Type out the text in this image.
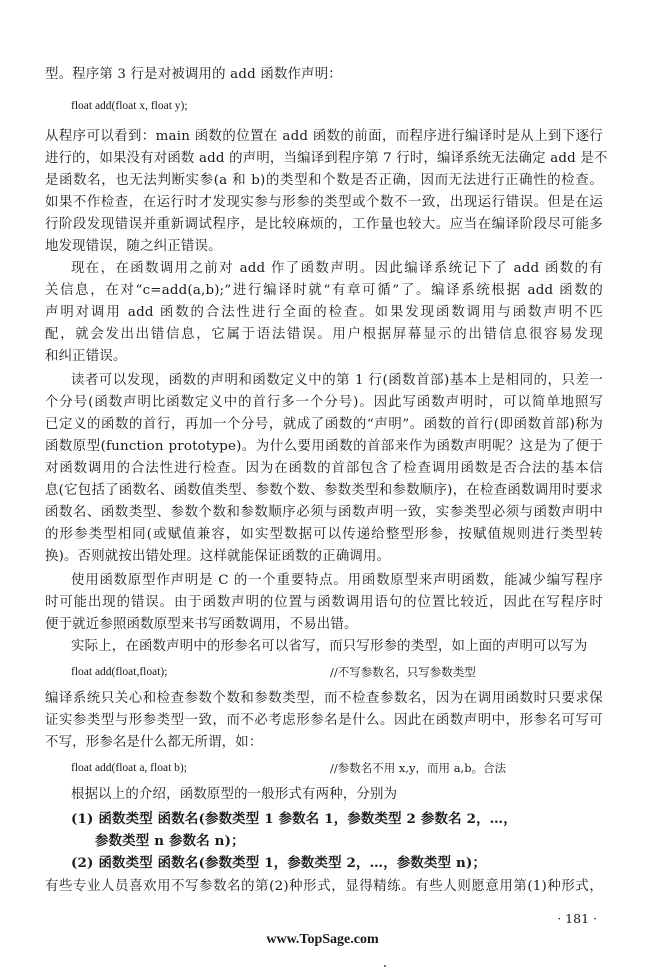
· 181 ·
www.TopSage.com
型。程序第 3 行是对被调用的 add 函数作声明：
float add(float x, float y);
从程序可以看到：main 函数的位置在 add 函数的前面，而程序进行编译时是从上到下逐行
进行的，如果没有对函数 add 的声明，当编译到程序第 7 行时，编译系统无法确定 add 是不
是函数名，也无法判断实参(a 和 b)的类型和个数是否正确，因而无法进行正确性的检查。
如果不作检查，在运行时才发现实参与形参的类型或个数不一致，出现运行错误。但是在运
行阶段发现错误并重新调试程序，是比较麻烦的，工作量也较大。应当在编译阶段尽可能多
地发现错误，随之纠正错误。
现在，在函数调用之前对 add 作了函数声明。因此编译系统记下了 add 函数的有
关信息，在对“c=add(a,b);”进行编译时就“有章可循”了。编译系统根据 add 函数的
声明对调用 add 函数的合法性进行全面的检查。如果发现函数调用与函数声明不匹
配，就会发出出错信息，它属于语法错误。用户根据屏幕显示的出错信息很容易发现
和纠正错误。
读者可以发现，函数的声明和函数定义中的第 1 行(函数首部)基本上是相同的，只差一
个分号(函数声明比函数定义中的首行多一个分号)。因此写函数声明时，可以简单地照写
已定义的函数的首行，再加一个分号，就成了函数的“声明”。函数的首行(即函数首部)称为
函数原型(function prototype)。为什么要用函数的首部来作为函数声明呢？这是为了便于
对函数调用的合法性进行检查。因为在函数的首部包含了检查调用函数是否合法的基本信
息(它包括了函数名、函数值类型、参数个数、参数类型和参数顺序)，在检查函数调用时要求
函数名、函数类型、参数个数和参数顺序必须与函数声明一致，实参类型必须与函数声明中
的形参类型相同(或赋值兼容，如实型数据可以传递给整型形参，按赋值规则进行类型转
换)。否则就按出错处理。这样就能保证函数的正确调用。
使用函数原型作声明是 C 的一个重要特点。用函数原型来声明函数，能减少编写程序
时可能出现的错误。由于函数声明的位置与函数调用语句的位置比较近，因此在写程序时
便于就近参照函数原型来书写函数调用，不易出错。
实际上，在函数声明中的形参名可以省写，而只写形参的类型，如上面的声明可以写为
float add(float,float);	//不写参数名，只写参数类型
编译系统只关心和检查参数个数和参数类型，而不检查参数名，因为在调用函数时只要求保
证实参类型与形参类型一致，而不必考虑形参名是什么。因此在函数声明中，形参名可写可
不写，形参名是什么都无所谓，如：
float add(float a, float b);	//参数名不用 x,y，而用 a,b。合法
根据以上的介绍，函数原型的一般形式有两种，分别为
(1) 函数类型 函数名(参数类型 1 参数名 1，参数类型 2 参数名 2，…，
参数类型 n 参数名 n)；
(2) 函数类型 函数名(参数类型 1，参数类型 2，…，参数类型 n)；
有些专业人员喜欢用不写参数名的第(2)种形式，显得精练。有些人则愿意用第(1)种形式，
